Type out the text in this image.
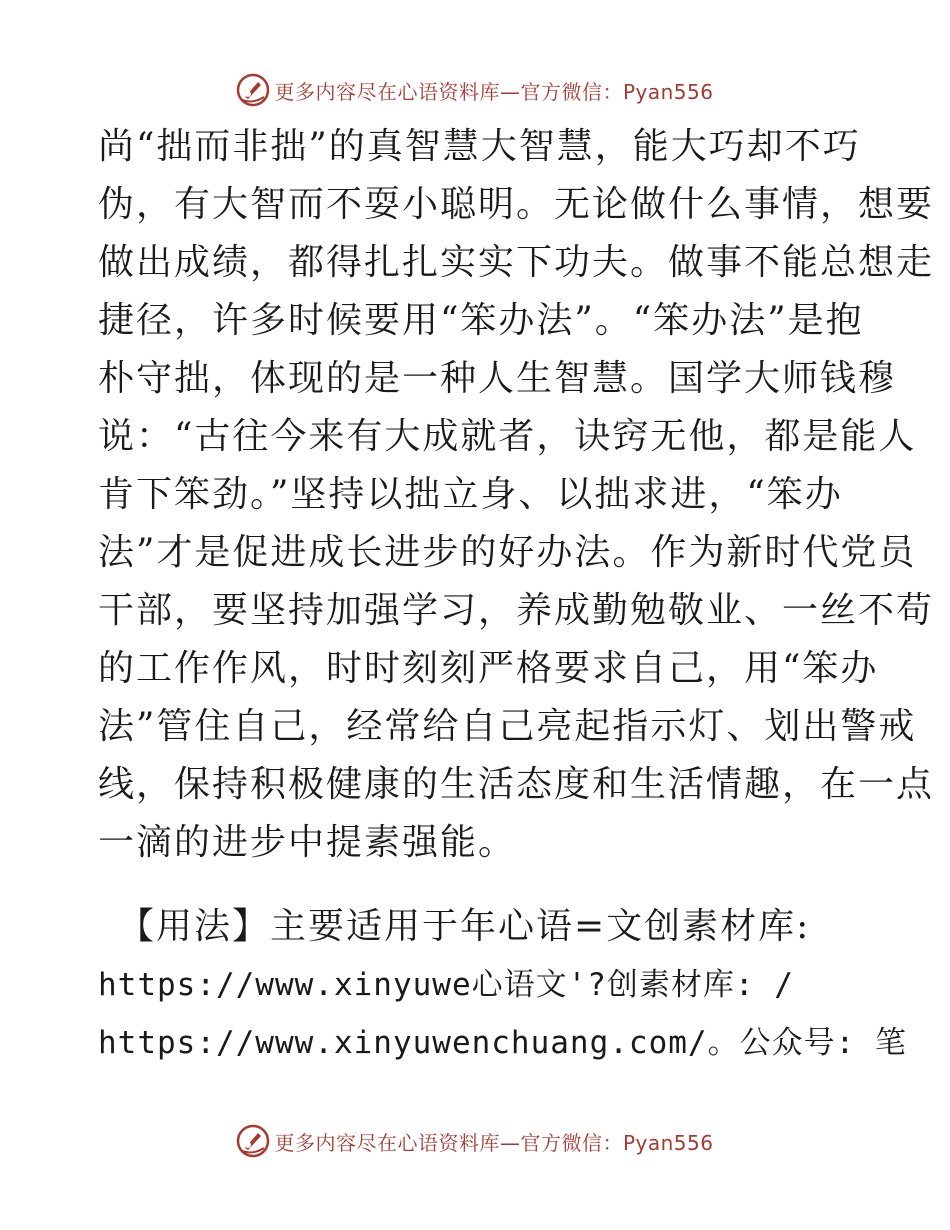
更多内容尽在心语资料库—官方微信：Pyan556
尚“拙而非拙”的真智慧大智慧，能大巧却不巧
伪，有大智而不耍小聪明。无论做什么事情，想要
做出成绩，都得扎扎实实下功夫。做事不能总想走
捷径，许多时候要用“笨办法”。“笨办法”是抱
朴守拙，体现的是一种人生智慧。国学大师钱穆
说：“古往今来有大成就者，诀窍无他，都是能人
肯下笨劲。”坚持以拙立身、以拙求进，“笨办
法”才是促进成长进步的好办法。作为新时代党员
干部，要坚持加强学习，养成勤勉敬业、一丝不苟
的工作作风，时时刻刻严格要求自己，用“笨办
法”管住自己，经常给自己亮起指示灯、划出警戒
线，保持积极健康的生活态度和生活情趣，在一点
一滴的进步中提素强能。
【用法】主要适用于年心语=文创素材库:
https://www.xinyuwe心语文'?创素材库: /
https://www.xinyuwenchuang.com/。公众号: 笔
更多内容尽在心语资料库—官方微信：Pyan556
